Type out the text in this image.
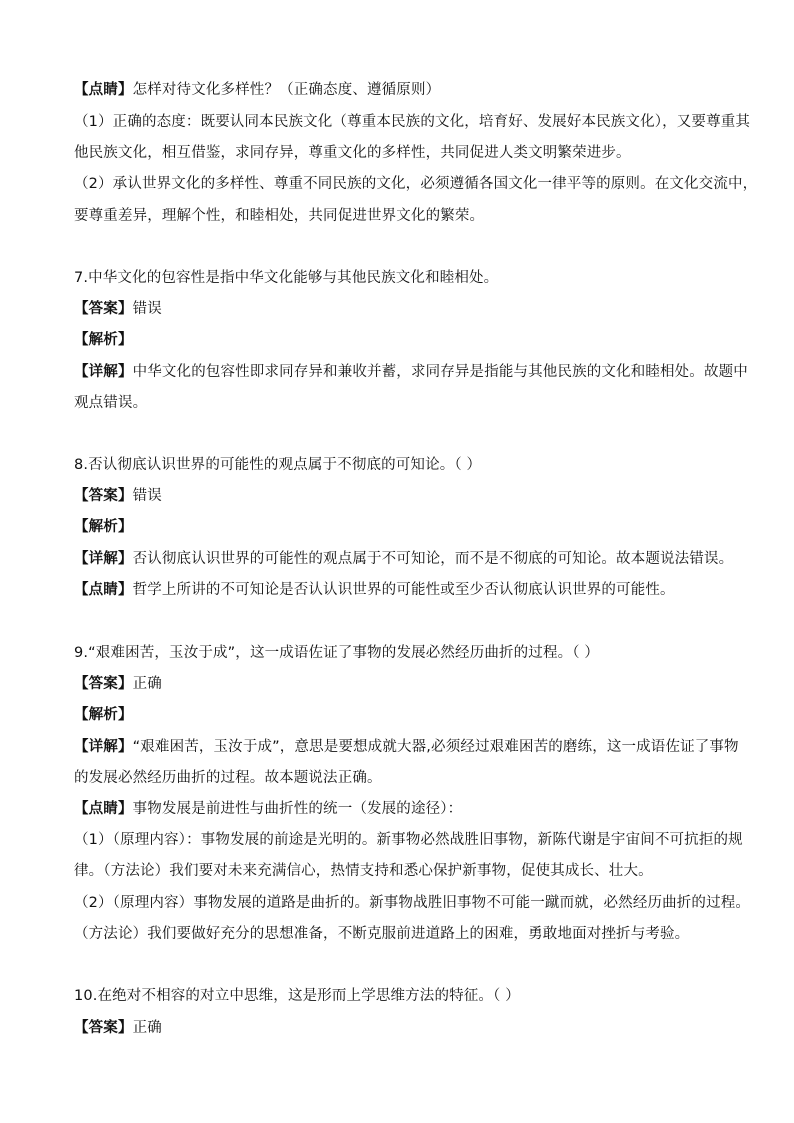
【点睛】怎样对待文化多样性？（正确态度、遵循原则）
（1）正确的态度：既要认同本民族文化（尊重本民族的文化，培育好、发展好本民族文化），又要尊重其
他民族文化，相互借鉴，求同存异，尊重文化的多样性，共同促进人类文明繁荣进步。
（2）承认世界文化的多样性、尊重不同民族的文化，必须遵循各国文化一律平等的原则。在文化交流中，
要尊重差异，理解个性，和睦相处，共同促进世界文化的繁荣。
7.中华文化的包容性是指中华文化能够与其他民族文化和睦相处。
【答案】错误
【解析】
【详解】中华文化的包容性即求同存异和兼收并蓄，求同存异是指能与其他民族的文化和睦相处。故题中
观点错误。
8.否认彻底认识世界的可能性的观点属于不彻底的可知论。（ ）
【答案】错误
【解析】
【详解】否认彻底认识世界的可能性的观点属于不可知论，而不是不彻底的可知论。故本题说法错误。
【点睛】哲学上所讲的不可知论是否认认识世界的可能性或至少否认彻底认识世界的可能性。
9.“艰难困苦，玉汝于成”，这一成语佐证了事物的发展必然经历曲折的过程。（ ）
【答案】正确
【解析】
【详解】“艰难困苦，玉汝于成”，意思是要想成就大器,必须经过艰难困苦的磨练，这一成语佐证了事物
的发展必然经历曲折的过程。故本题说法正确。
【点睛】事物发展是前进性与曲折性的统一（发展的途径）：
（1）（原理内容）：事物发展的前途是光明的。新事物必然战胜旧事物，新陈代谢是宇宙间不可抗拒的规
律。（方法论）我们要对未来充满信心，热情支持和悉心保护新事物，促使其成长、壮大。
（2）（原理内容）事物发展的道路是曲折的。新事物战胜旧事物不可能一蹴而就，必然经历曲折的过程。
（方法论）我们要做好充分的思想准备，不断克服前进道路上的困难，勇敢地面对挫折与考验。
10.在绝对不相容的对立中思维，这是形而上学思维方法的特征。（ ）
【答案】正确
